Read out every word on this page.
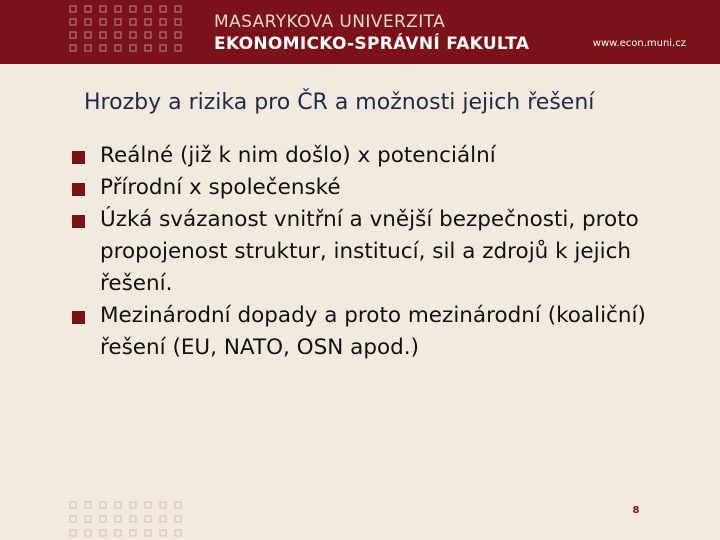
MASARYKOVA UNIVERZITA
EKONOMICKO-SPRÁVNÍ FAKULTA	www.econ.muni.cz
Hrozby a rizika pro ČR a možnosti jejich řešení
Reálné (již k nim došlo) x potenciální
Přírodní x společenské
Úzká svázanost vnitřní a vnější bezpečnosti, proto propojenost struktur, institucí, sil a zdrojů k jejich řešení.
Mezinárodní dopady a proto mezinárodní (koaliční) řešení (EU, NATO, OSN apod.)
8
